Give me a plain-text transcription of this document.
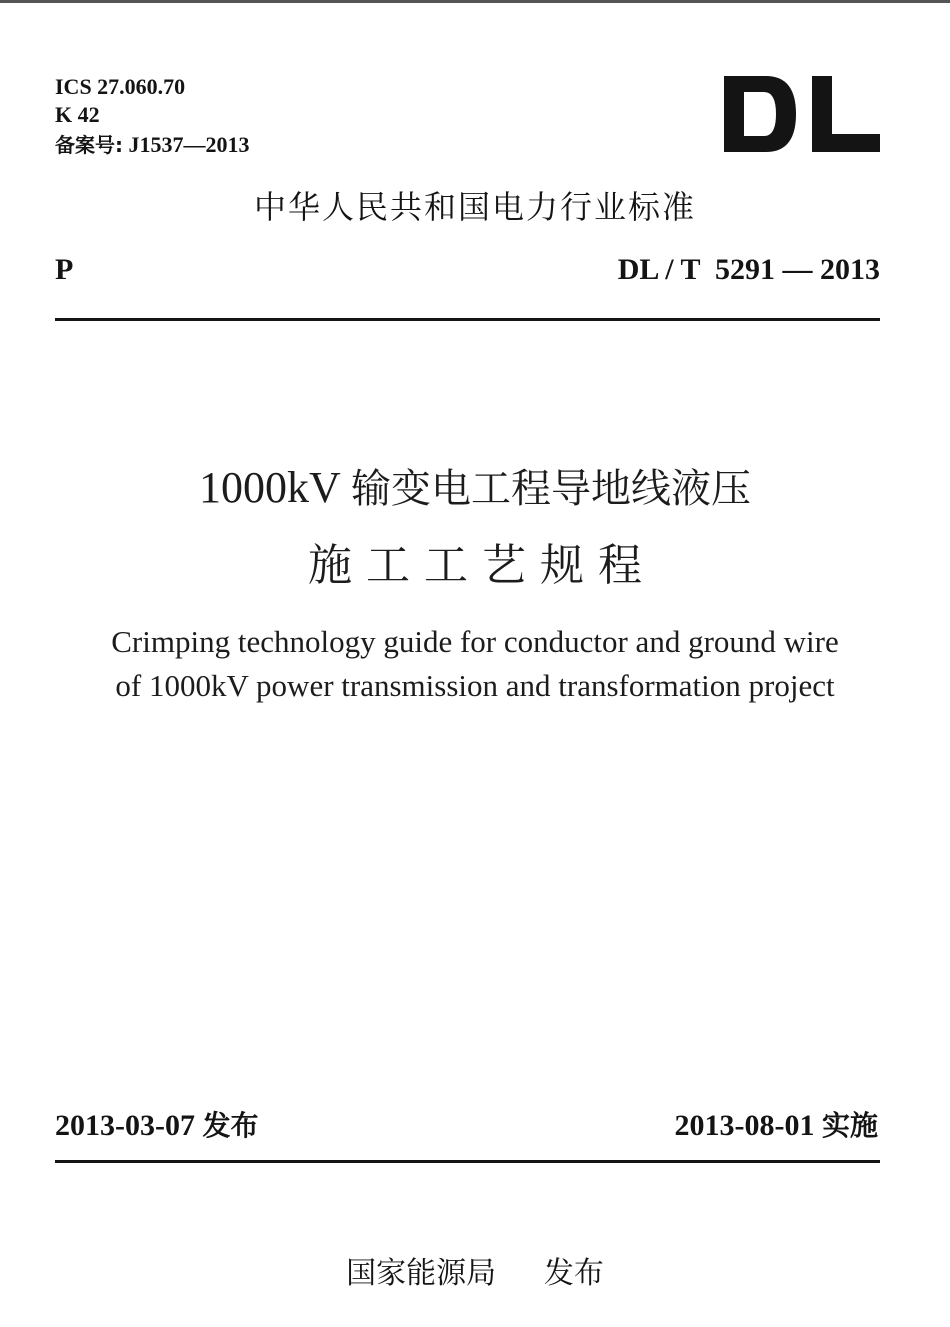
ICS 27.060.70
K 42
备案号: J1537—2013
中华人民共和国电力行业标准
P	DL / T  5291 — 2013
1000kV 输变电工程导地线液压
施 工 工 艺 规 程
Crimping technology guide for conductor and ground wire
of 1000kV power transmission and transformation project
2013-03-07 发布	2013-08-01 实施
国家能源局 发布
